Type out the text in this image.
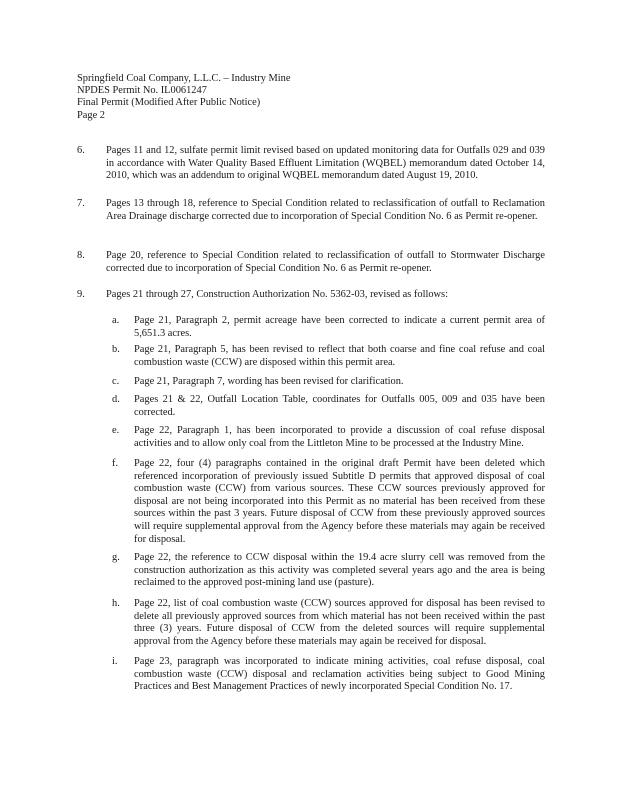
Springfield Coal Company, L.L.C. – Industry Mine
NPDES Permit No. IL0061247
Final Permit (Modified After Public Notice)
Page 2
6.	Pages 11 and 12, sulfate permit limit revised based on updated monitoring data for Outfalls 029 and 039 in accordance with Water Quality Based Effluent Limitation (WQBEL) memorandum dated October 14, 2010, which was an addendum to original WQBEL memorandum dated August 19, 2010.
7.	Pages 13 through 18, reference to Special Condition related to reclassification of outfall to Reclamation Area Drainage discharge corrected due to incorporation of Special Condition No. 6 as Permit re-opener.
8.	Page 20, reference to Special Condition related to reclassification of outfall to Stormwater Discharge corrected due to incorporation of Special Condition No. 6 as Permit re-opener.
9.	Pages 21 through 27, Construction Authorization No. 5362-03, revised as follows:
a.	Page 21, Paragraph 2, permit acreage have been corrected to indicate a current permit area of 5,651.3 acres.
b.	Page 21, Paragraph 5, has been revised to reflect that both coarse and fine coal refuse and coal combustion waste (CCW) are disposed within this permit area.
c.	Page 21, Paragraph 7, wording has been revised for clarification.
d.	Pages 21 & 22, Outfall Location Table, coordinates for Outfalls 005, 009 and 035 have been corrected.
e.	Page 22, Paragraph 1, has been incorporated to provide a discussion of coal refuse disposal activities and to allow only coal from the Littleton Mine to be processed at the Industry Mine.
f.	Page 22, four (4) paragraphs contained in the original draft Permit have been deleted which referenced incorporation of previously issued Subtitle D permits that approved disposal of coal combustion waste (CCW) from various sources. These CCW sources previously approved for disposal are not being incorporated into this Permit as no material has been received from these sources within the past 3 years. Future disposal of CCW from these previously approved sources will require supplemental approval from the Agency before these materials may again be received for disposal.
g.	Page 22, the reference to CCW disposal within the 19.4 acre slurry cell was removed from the construction authorization as this activity was completed several years ago and the area is being reclaimed to the approved post-mining land use (pasture).
h.	Page 22, list of coal combustion waste (CCW) sources approved for disposal has been revised to delete all previously approved sources from which material has not been received within the past three (3) years. Future disposal of CCW from the deleted sources will require supplemental approval from the Agency before these materials may again be received for disposal.
i.	Page 23, paragraph was incorporated to indicate mining activities, coal refuse disposal, coal combustion waste (CCW) disposal and reclamation activities being subject to Good Mining Practices and Best Management Practices of newly incorporated Special Condition No. 17.
